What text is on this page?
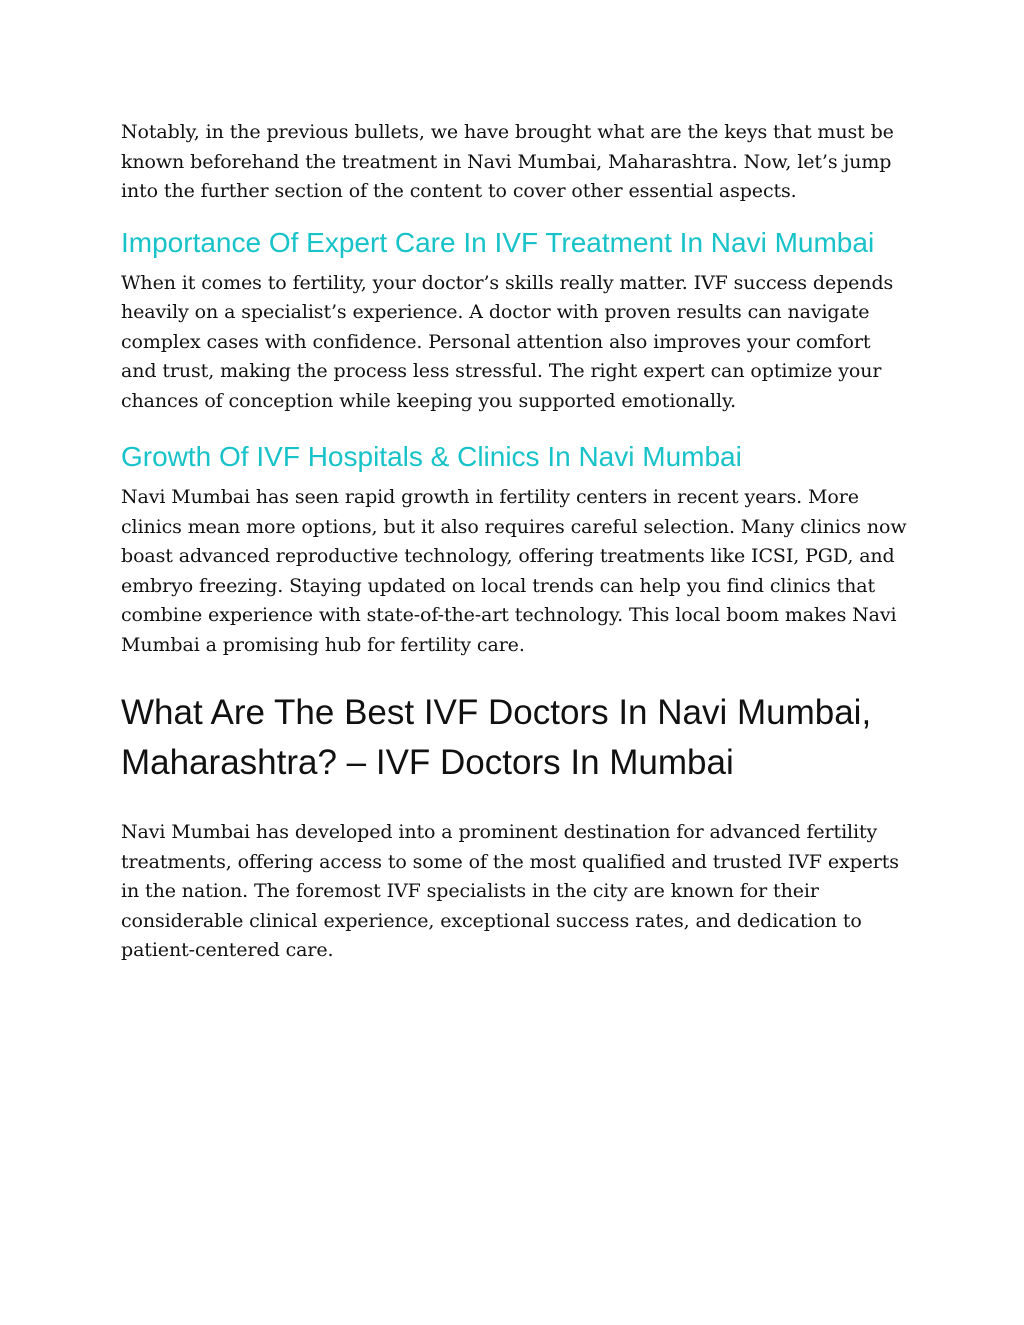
Notably, in the previous bullets, we have brought what are the keys that must be known beforehand the treatment in Navi Mumbai, Maharashtra. Now, let’s jump into the further section of the content to cover other essential aspects.

Importance Of Expert Care In IVF Treatment In Navi Mumbai

When it comes to fertility, your doctor’s skills really matter. IVF success depends heavily on a specialist’s experience. A doctor with proven results can navigate complex cases with confidence. Personal attention also improves your comfort and trust, making the process less stressful. The right expert can optimize your chances of conception while keeping you supported emotionally.

Growth Of IVF Hospitals & Clinics In Navi Mumbai

Navi Mumbai has seen rapid growth in fertility centers in recent years. More clinics mean more options, but it also requires careful selection. Many clinics now boast advanced reproductive technology, offering treatments like ICSI, PGD, and embryo freezing. Staying updated on local trends can help you find clinics that combine experience with state-of-the-art technology. This local boom makes Navi Mumbai a promising hub for fertility care.

What Are The Best IVF Doctors In Navi Mumbai, Maharashtra? – IVF Doctors In Mumbai

Navi Mumbai has developed into a prominent destination for advanced fertility treatments, offering access to some of the most qualified and trusted IVF experts in the nation. The foremost IVF specialists in the city are known for their considerable clinical experience, exceptional success rates, and dedication to patient-centered care.
